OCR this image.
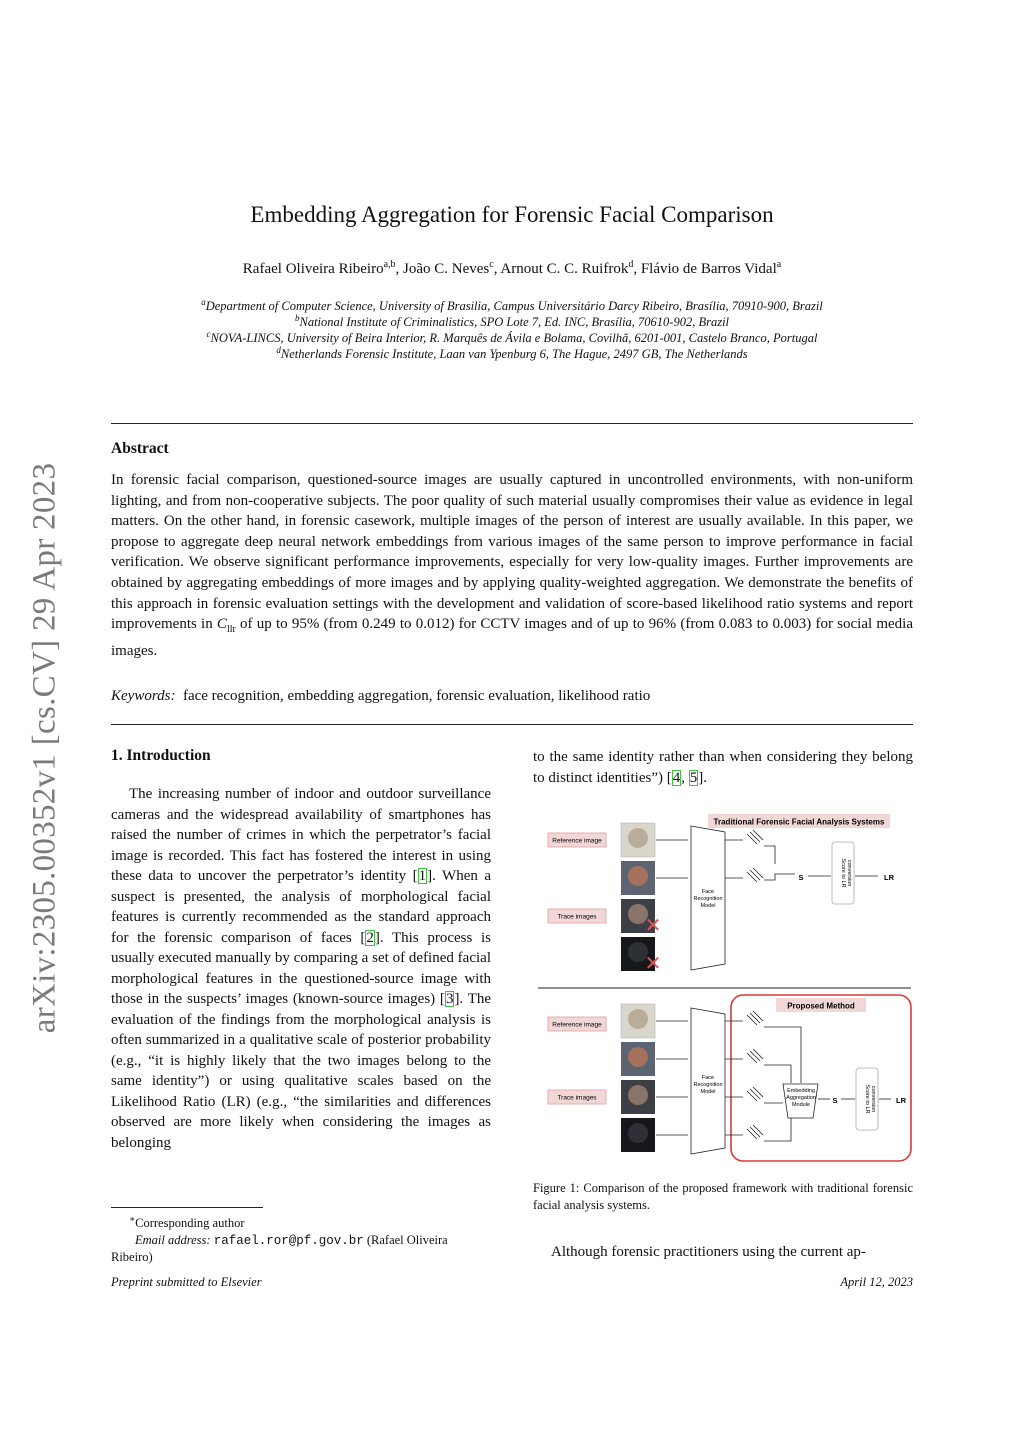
arXiv:2305.00352v1 [cs.CV] 29 Apr 2023
Embedding Aggregation for Forensic Facial Comparison
Rafael Oliveira Ribeiro$^{a,b}$, João C. Neves$^c$, Arnout C. C. Ruifrok$^d$, Flávio de Barros Vidal$^a$
$^a$Department of Computer Science, University of Brasilia, Campus Universitário Darcy Ribeiro, Brasília, 70910-900, Brazil
$^b$National Institute of Criminalistics, SPO Lote 7, Ed. INC, Brasília, 70610-902, Brazil
$^c$NOVA-LINCS, University of Beira Interior, R. Marquês de Ávila e Bolama, Covilhã, 6201-001, Castelo Branco, Portugal
$^d$Netherlands Forensic Institute, Laan van Ypenburg 6, The Hague, 2497 GB, The Netherlands
Abstract
In forensic facial comparison, questioned-source images are usually captured in uncontrolled environments, with non-uniform lighting, and from non-cooperative subjects. The poor quality of such material usually compromises their value as evidence in legal matters. On the other hand, in forensic casework, multiple images of the person of interest are usually available. In this paper, we propose to aggregate deep neural network embeddings from various images of the same person to improve performance in facial verification. We observe significant performance improvements, especially for very low-quality images. Further improvements are obtained by aggregating embeddings of more images and by applying quality-weighted aggregation. We demonstrate the benefits of this approach in forensic evaluation settings with the development and validation of score-based likelihood ratio systems and report improvements in $C_{llr}$ of up to 95% (from 0.249 to 0.012) for CCTV images and of up to 96% (from 0.083 to 0.003) for social media images.
Keywords: face recognition, embedding aggregation, forensic evaluation, likelihood ratio
1. Introduction
The increasing number of indoor and outdoor surveillance cameras and the widespread availability of smartphones has raised the number of crimes in which the perpetrator’s facial image is recorded. This fact has fostered the interest in using these data to uncover the perpetrator’s identity [1]. When a suspect is presented, the analysis of morphological facial features is currently recommended as the standard approach for the forensic comparison of faces [2]. This process is usually executed manually by comparing a set of defined facial morphological features in the questioned-source image with those in the suspects’ images (known-source images) [3]. The evaluation of the findings from the morphological analysis is often summarized in a qualitative scale of posterior probability (e.g., “it is highly likely that the two images belong to the same identity”) or using qualitative scales based on the Likelihood Ratio (LR) (e.g., “the similarities and differences observed are more likely when considering the images as belonging
to the same identity rather than when considering they belong to distinct identities”) [4, 5].
Traditional Forensic Facial Analysis Systems
Reference image
Trace images ✕
✕
Face
Recognition
Model
S	Score to LR conversion	LR
Proposed Method
Reference image
Trace images
Face
Recognition
Model	Embedding
Aggregation
Module	S	Score to LR conversion	LR
Figure 1: Comparison of the proposed framework with traditional forensic facial analysis systems.
Although forensic practitioners using the current ap-
∗Corresponding author
Email address: rafael.ror@pf.gov.br (Rafael Oliveira Ribeiro)
Preprint submitted to Elsevier	April 12, 2023
